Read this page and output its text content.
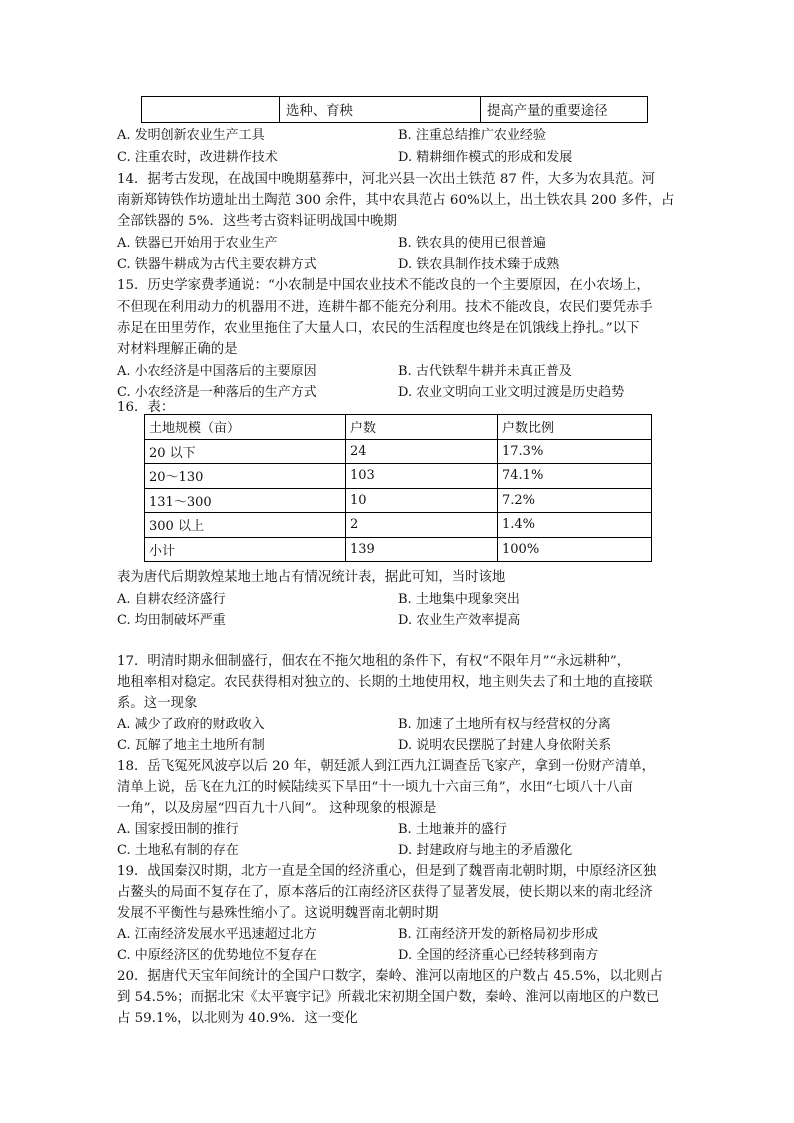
	选种、育秧	提高产量的重要途径
A. 发明创新农业生产工具	B. 注重总结推广农业经验
C. 注重农时，改进耕作技术	D. 精耕细作模式的形成和发展
14．据考古发现，在战国中晚期墓葬中，河北兴县一次出土铁范 87 件，大多为农具范。河
南新郑铸铁作坊遗址出土陶范 300 余件，其中农具范占 60%以上，出土铁农具 200 多件，占
全部铁器的 5%．这些考古资料证明战国中晚期
A. 铁器已开始用于农业生产	B. 铁农具的使用已很普遍
C. 铁器牛耕成为古代主要农耕方式	D. 铁农具制作技术臻于成熟
15．历史学家费孝通说：“小农制是中国农业技术不能改良的一个主要原因，在小农场上，
不但现在利用动力的机器用不进，连耕牛都不能充分利用。技术不能改良，农民们要凭赤手
赤足在田里劳作，农业里拖住了大量人口，农民的生活程度也终是在饥饿线上挣扎。”以下
对材料理解正确的是
A. 小农经济是中国落后的主要原因	B. 古代铁犁牛耕并未真正普及
C. 小农经济是一种落后的生产方式	D. 农业文明向工业文明过渡是历史趋势
16．表：
土地规模（亩）	户数	户数比例
20 以下	24	17.3%
20～130	103	74.1%
131～300	10	7.2%
300 以上	2	1.4%
小计	139	100%
表为唐代后期敦煌某地土地占有情况统计表，据此可知，当时该地
A. 自耕农经济盛行	B. 土地集中现象突出
C. 均田制破坏严重	D. 农业生产效率提高
17．明清时期永佃制盛行，佃农在不拖欠地租的条件下，有权“不限年月”“永远耕种”，
地租率相对稳定。农民获得相对独立的、长期的土地使用权，地主则失去了和土地的直接联
系。这一现象
A. 减少了政府的财政收入	B. 加速了土地所有权与经营权的分离
C. 瓦解了地主土地所有制	D. 说明农民摆脱了封建人身依附关系
18．岳飞冤死风波亭以后 20 年，朝廷派人到江西九江调查岳飞家产，拿到一份财产清单，
清单上说，岳飞在九江的时候陆续买下旱田“十一顷九十六亩三角”，水田“七顷八十八亩
一角”，以及房屋“四百九十八间”。 这种现象的根源是
A. 国家授田制的推行	B. 土地兼并的盛行
C. 土地私有制的存在	D. 封建政府与地主的矛盾激化
19．战国秦汉时期，北方一直是全国的经济重心，但是到了魏晋南北朝时期，中原经济区独
占鳌头的局面不复存在了，原本落后的江南经济区获得了显著发展，使长期以来的南北经济
发展不平衡性与悬殊性缩小了。这说明魏晋南北朝时期
A. 江南经济发展水平迅速超过北方	B. 江南经济开发的新格局初步形成
C. 中原经济区的优势地位不复存在	D. 全国的经济重心已经转移到南方
20．据唐代天宝年间统计的全国户口数字，秦岭、淮河以南地区的户数占 45.5%，以北则占
到 54.5%；而据北宋《太平寰宇记》所载北宋初期全国户数，秦岭、淮河以南地区的户数已
占 59.1%，以北则为 40.9%．这一变化
